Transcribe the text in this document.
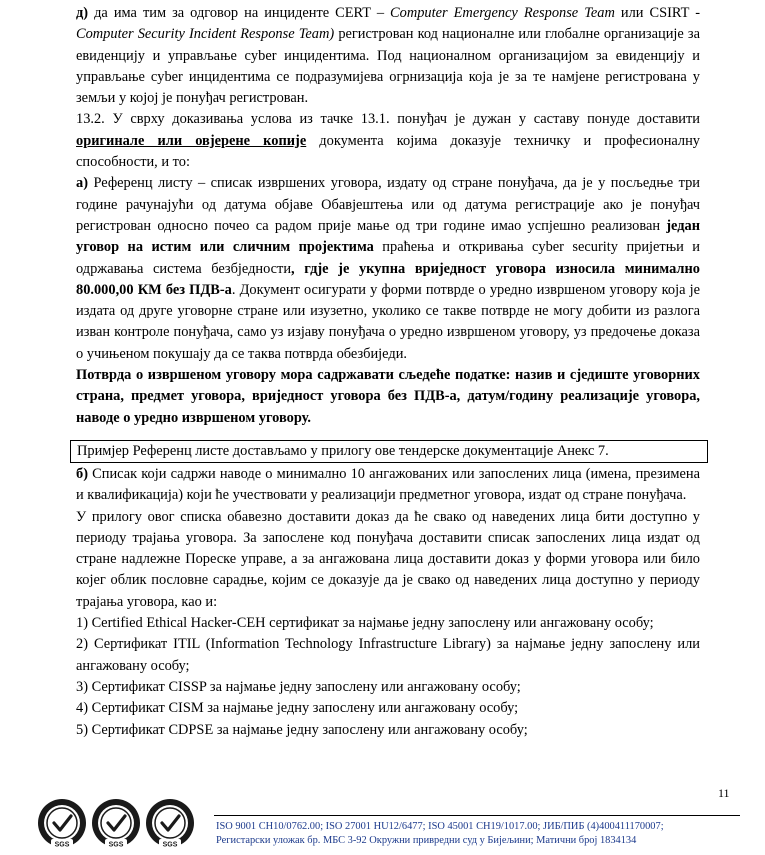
д) да има тим за одговор на инциденте CERT – Computer Emergency Response Team или CSIRT - Computer Security Incident Response Team) регистрован код националне или глобалне организације за евиденцију и управљање cyber инцидентима. Под националном организацијом за евиденцију и управљање cyber инцидентима се подразумијева огрнизација која је за те намјене регистрована у земљи у којој је понуђач регистрован.

13.2. У сврху доказивања услова из тачке 13.1. понуђач је дужан у саставу понуде доставити оригинале или овјерене копије документа којима доказује техничку и професионалну способности, и то:

а) Референц листу – списак извршених уговора, издату од стране понуђача, да је у посљедње три године рачунајући од датума објаве Обавјештења или од датума регистрације ако је понуђач регистрован односно почео са радом прије мање од три године имао успјешно реализован један уговор на истим или сличним пројектима праћења и откривања cyber security пријетњи и одржавања система безбједности, гдје је укупна вриједност уговора износила минимално 80.000,00 КМ без ПДВ-а. Документ осигурати у форми потврде о уредно извршеном уговору која је издата од друге уговорне стране или изузетно, уколико се такве потврде не могу добити из разлога изван контроле понуђача, само уз изјаву понуђача о уредно извршеном уговору, уз предочење доказа о учињеном покушају да се таква потврда обезбиједи.

Потврда о извршеном уговору мора садржавати сљедеће податке: назив и сједиште уговорних страна, предмет уговора, вриједност уговора без ПДВ-а, датум/годину реализације уговора, наводе о уредно извршеном уговору.

Примјер Референц листе достављамо у прилогу ове тендерске документације Анекс 7.

б) Списак који садржи наводе о минимално 10 ангажованих или запослених лица (имена, презимена и квалификација) који ће учествовати у реализацији предметног уговора, издат од стране понуђача.

У прилогу овог списка обавезно доставити доказ да ће свако од наведених лица бити доступно у периоду трајања уговора. За запослене код понуђача доставити списак запослених лица издат од стране надлежне Пореске управе, а за ангажована лица доставити доказ у форми уговора или било којег облик пословне сарадње, којим се доказује да је свако од наведених лица доступно у периоду трајања уговора, као и:

1) Certified Ethical Hacker-CEH сертификат за најмање једну запослену или ангажовану особу;

2) Сертификат ITIL (Information Technology Infrastructure Library) за најмање једну запослену или ангажовану особу;

3) Сертификат CISSP за најмање једну запослену или ангажовану особу;

4) Сертификат CISM за најмање једну запослену или ангажовану особу;

5) Сертификат CDPSE за најмање једну запослену или ангажовану особу;

11
SGS	SGS	SGS
ISO 9001 CH10/0762.00; ISO 27001 HU12/6477; ISO 45001 CH19/1017.00; ЈИБ/ПИБ (4)400411170007;
Регистарски уложак бр. МБС 3-92 Окружни привредни суд у Бијељини; Матични број 1834134
